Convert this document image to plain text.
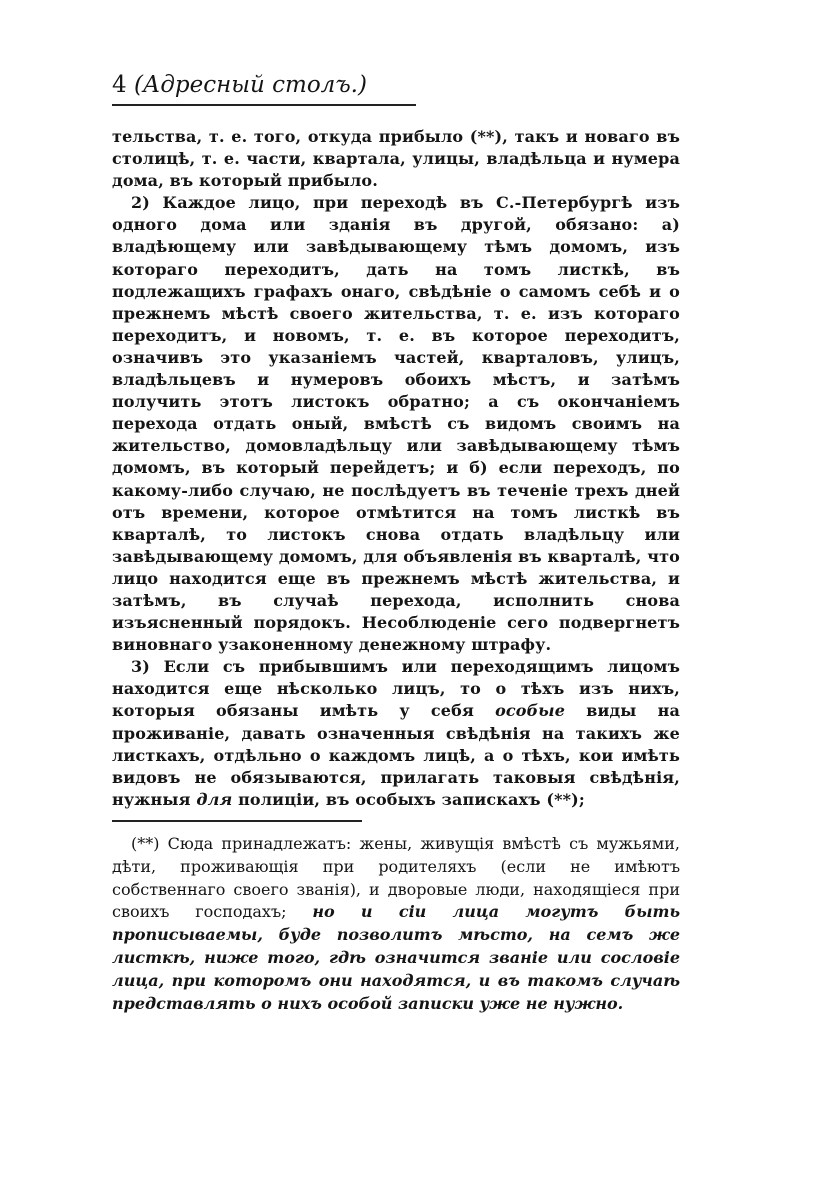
4 (Адресный столъ.)

тельства, т. е. того, откуда прибыло (**), такъ и новаго въ столицѣ, т. е. части, квартала, улицы, владѣльца и нумера дома, въ который прибыло.

2) Каждое лицо, при переходѣ въ С.-Петербургѣ изъ одного дома или зданія въ другой, обязано: а) владѣющему или завѣдывающему тѣмъ домомъ, изъ котораго переходитъ, дать на томъ листкѣ, въ подлежащихъ графахъ онаго, свѣдѣніе о самомъ себѣ и о прежнемъ мѣстѣ своего жительства, т. е. изъ котораго переходитъ, и новомъ, т. е. въ которое переходитъ, означивъ это указаніемъ частей, кварталовъ, улицъ, владѣльцевъ и нумеровъ обоихъ мѣстъ, и затѣмъ получить этотъ листокъ обратно; а съ окончаніемъ перехода отдать оный, вмѣстѣ съ видомъ своимъ на жительство, домовладѣльцу или завѣдывающему тѣмъ домомъ, въ который перейдетъ; и б) если переходъ, по какому-либо случаю, не послѣдуетъ въ теченіе трехъ дней отъ времени, которое отмѣтится на томъ листкѣ въ кварталѣ, то листокъ снова отдать владѣльцу или завѣдывающему домомъ, для объявленія въ кварталѣ, что лицо находится еще въ прежнемъ мѣстѣ жительства, и затѣмъ, въ случаѣ перехода, исполнить снова изъясненный порядокъ. Несоблюденіе сего подвергнетъ виновнаго узаконенному денежному штрафу.

3) Если съ прибывшимъ или переходящимъ лицомъ находится еще нѣсколько лицъ, то о тѣхъ изъ нихъ, которыя обязаны имѣть у себя особые виды на проживаніе, давать означенныя свѣдѣнія на такихъ же листкахъ, отдѣльно о каждомъ лицѣ, а о тѣхъ, кои имѣть видовъ не обязываются, прилагать таковыя свѣдѣнія, нужныя для полиціи, въ особыхъ запискахъ (**);

(**) Сюда принадлежатъ: жены, живущія вмѣстѣ съ мужьями, дѣти, проживающія при родителяхъ (если не имѣютъ собственнаго своего званія), и дворовые люди, находящіеся при своихъ господахъ; но и сіи лица могутъ быть прописываемы, буде позволитъ мѣсто, на семъ же листкѣ, ниже того, гдѣ означится званіе или сословіе лица, при которомъ они находятся, и въ такомъ случаѣ представлять о нихъ особой записки уже не нужно.
